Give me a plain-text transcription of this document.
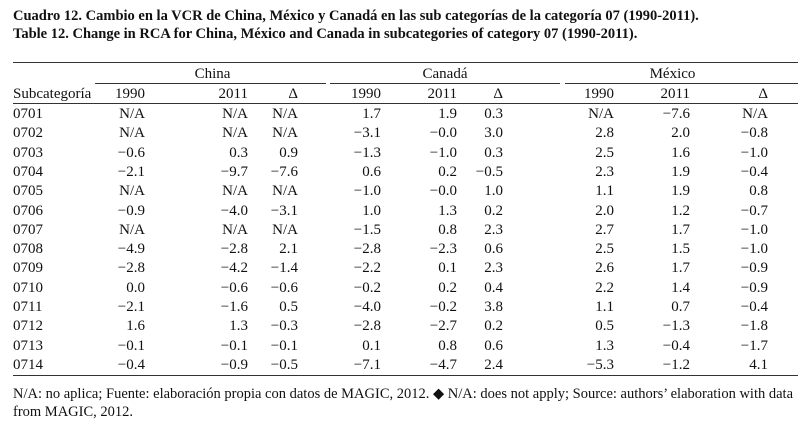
Cuadro 12. Cambio en la VCR de China, México y Canadá en las sub categorías de la categoría 07 (1990-2011).
Table 12. Change in RCA for China, México and Canada in subcategories of category 07 (1990-2011).
China	Canadá	México
Subcategoría	1990	2011	Δ	1990	2011	Δ	1990	2011	Δ
0701	N/A	N/A	N/A	1.7	1.9	0.3	N/A	−7.6	N/A
0702	N/A	N/A	N/A	−3.1	−0.0	3.0	2.8	2.0	−0.8
0703	−0.6	0.3	0.9	−1.3	−1.0	0.3	2.5	1.6	−1.0
0704	−2.1	−9.7	−7.6	0.6	0.2	−0.5	2.3	1.9	−0.4
0705	N/A	N/A	N/A	−1.0	−0.0	1.0	1.1	1.9	0.8
0706	−0.9	−4.0	−3.1	1.0	1.3	0.2	2.0	1.2	−0.7
0707	N/A	N/A	N/A	−1.5	0.8	2.3	2.7	1.7	−1.0
0708	−4.9	−2.8	2.1	−2.8	−2.3	0.6	2.5	1.5	−1.0
0709	−2.8	−4.2	−1.4	−2.2	0.1	2.3	2.6	1.7	−0.9
0710	0.0	−0.6	−0.6	−0.2	0.2	0.4	2.2	1.4	−0.9
0711	−2.1	−1.6	0.5	−4.0	−0.2	3.8	1.1	0.7	−0.4
0712	1.6	1.3	−0.3	−2.8	−2.7	0.2	0.5	−1.3	−1.8
0713	−0.1	−0.1	−0.1	0.1	0.8	0.6	1.3	−0.4	−1.7
0714	−0.4	−0.9	−0.5	−7.1	−4.7	2.4	−5.3	−1.2	4.1
N/A: no aplica; Fuente: elaboración propia con datos de MAGIC, 2012. ◆ N/A: does not apply; Source: authors’ elaboration with data from MAGIC, 2012.
